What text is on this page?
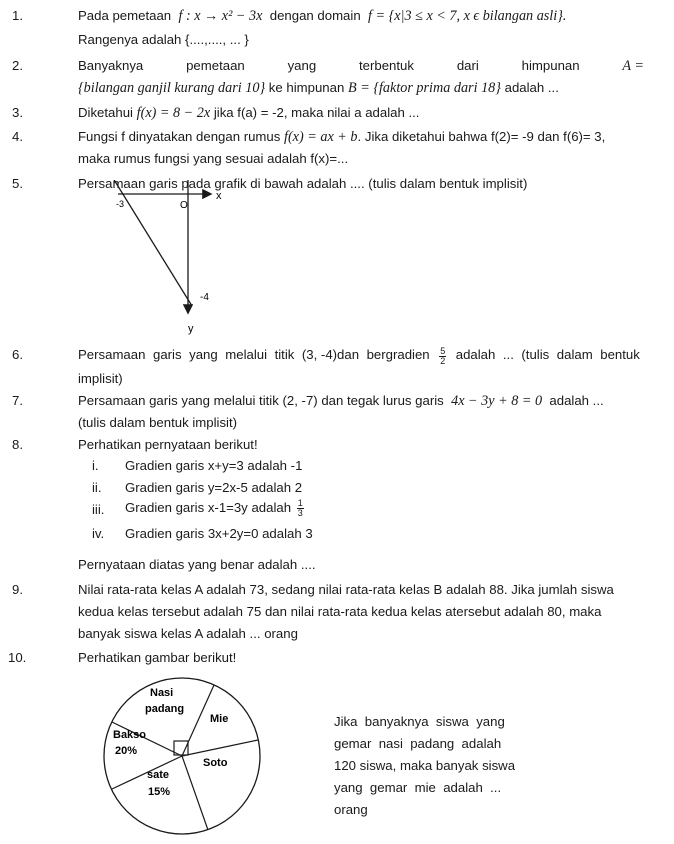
1.	Pada pemetaan f : x → x² − 3x dengan domain f = {x|3 ≤ x < 7, x ϵ bilangan asli}.
Rangenya adalah {....,...., ... }
2.	Banyaknya	pemetaan	yang	terbentuk	dari	himpunan	A =
{bilangan ganjil kurang dari 10} ke himpunan B = {faktor prima dari 18} adalah ...
3.	Diketahui f(x) = 8 − 2x jika f(a) = -2, maka nilai a adalah ...
4.	Fungsi f dinyatakan dengan rumus f(x) = ax + b. Jika diketahui bahwa f(2)= -9 dan f(6)= 3,
maka rumus fungsi yang sesuai adalah f(x)=...
5.	Persamaan garis pada grafik di bawah adalah .... (tulis dalam bentuk implisit)
x
y
O
-3
-4
6.	Persamaan garis yang melalui titik (3, -4)dan bergradien $\frac{5}{2}$ adalah ... (tulis dalam bentuk
implisit)
7.	Persamaan garis yang melalui titik (2, -7) dan tegak lurus garis 4x − 3y + 8 = 0 adalah ...
(tulis dalam bentuk implisit)
8.	Perhatikan pernyataan berikut!
i.	Gradien garis x+y=3 adalah -1
ii.	Gradien garis y=2x-5 adalah 2
iii.	Gradien garis x-1=3y adalah $\frac{1}{3}$
iv.	Gradien garis 3x+2y=0 adalah 3
Pernyataan diatas yang benar adalah ....
9.	Nilai rata-rata kelas A adalah 73, sedang nilai rata-rata kelas B adalah 88. Jika jumlah siswa
kedua kelas tersebut adalah 75 dan nilai rata-rata kedua kelas atersebut adalah 80, maka
banyak siswa kelas A adalah ... orang
10.	Perhatikan gambar berikut!
Nasi
padang
Mie
Soto
sate
15%
Bakso
20%
Jika  banyaknya  siswa  yang
gemar  nasi  padang  adalah
120 siswa, maka banyak siswa
yang  gemar  mie  adalah  ...
orang
